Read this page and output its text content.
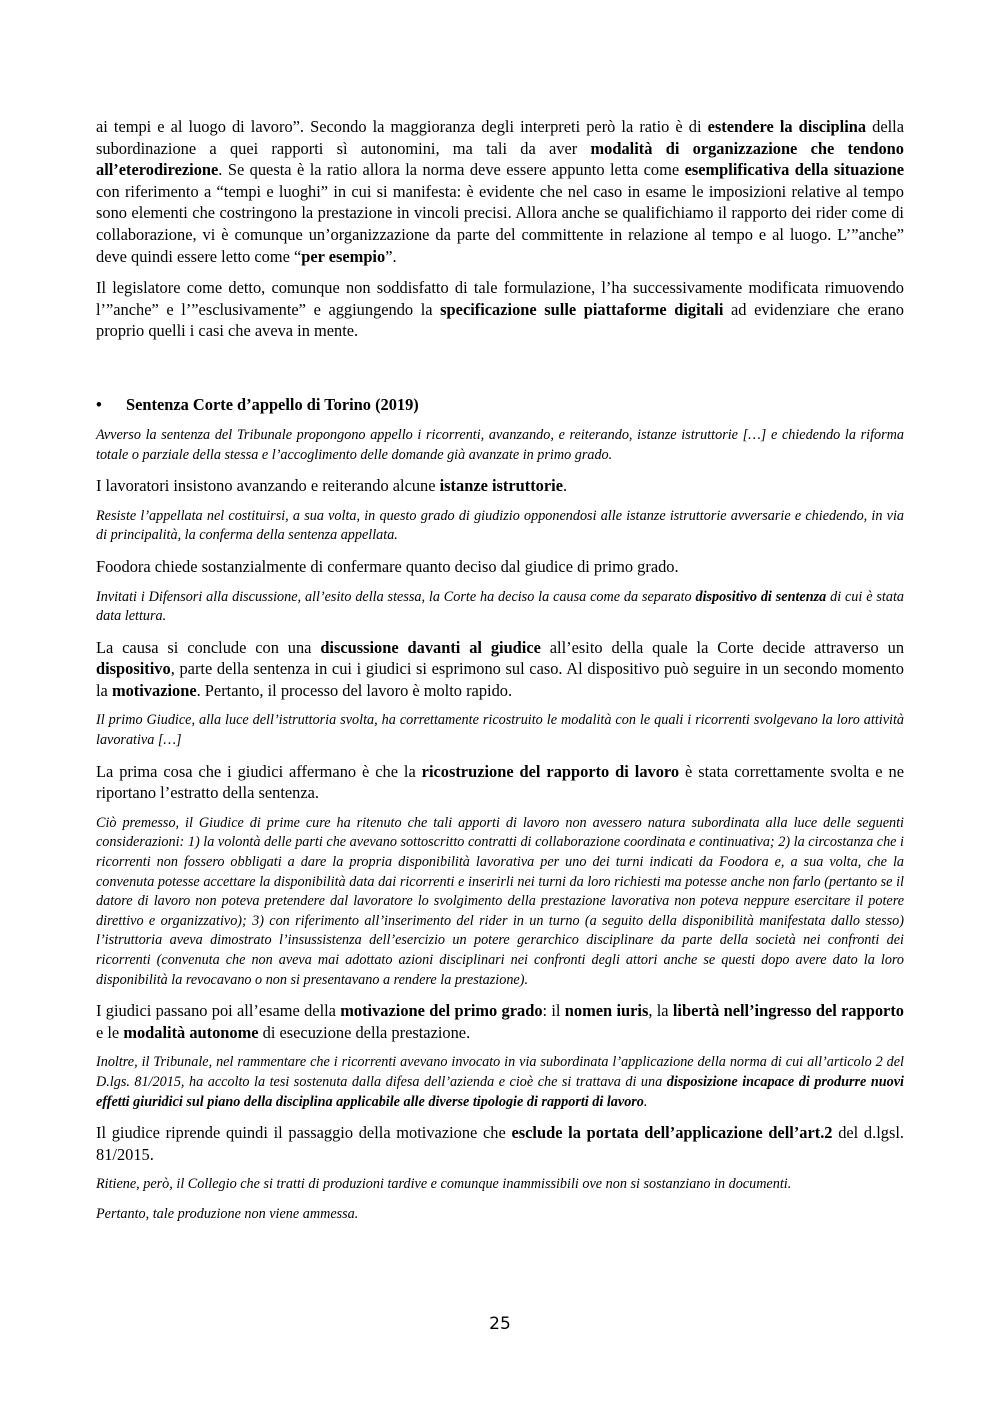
ai tempi e al luogo di lavoro”. Secondo la maggioranza degli interpreti però la ratio è di estendere la disciplina della subordinazione a quei rapporti sì autonomini, ma tali da aver modalità di organizzazione che tendono all’eterodirezione. Se questa è la ratio allora la norma deve essere appunto letta come esemplificativa della situazione con riferimento a “tempi e luoghi” in cui si manifesta: è evidente che nel caso in esame le imposizioni relative al tempo sono elementi che costringono la prestazione in vincoli precisi. Allora anche se qualifichiamo il rapporto dei rider come di collaborazione, vi è comunque un’organizzazione da parte del committente in relazione al tempo e al luogo. L’”anche” deve quindi essere letto come “per esempio”.

Il legislatore come detto, comunque non soddisfatto di tale formulazione, l’ha successivamente modificata rimuovendo l’”anche” e l’”esclusivamente” e aggiungendo la specificazione sulle piattaforme digitali ad evidenziare che erano proprio quelli i casi che aveva in mente.

•	Sentenza Corte d’appello di Torino (2019)

Avverso la sentenza del Tribunale propongono appello i ricorrenti, avanzando, e reiterando, istanze istruttorie […] e chiedendo la riforma totale o parziale della stessa e l’accoglimento delle domande già avanzate in primo grado.

I lavoratori insistono avanzando e reiterando alcune istanze istruttorie.

Resiste l’appellata nel costituirsi, a sua volta, in questo grado di giudizio opponendosi alle istanze istruttorie avversarie e chiedendo, in via di principalità, la conferma della sentenza appellata.

Foodora chiede sostanzialmente di confermare quanto deciso dal giudice di primo grado.

Invitati i Difensori alla discussione, all’esito della stessa, la Corte ha deciso la causa come da separato dispositivo di sentenza di cui è stata data lettura.

La causa si conclude con una discussione davanti al giudice all’esito della quale la Corte decide attraverso un dispositivo, parte della sentenza in cui i giudici si esprimono sul caso. Al dispositivo può seguire in un secondo momento la motivazione. Pertanto, il processo del lavoro è molto rapido.

Il primo Giudice, alla luce dell’istruttoria svolta, ha correttamente ricostruito le modalità con le quali i ricorrenti svolgevano la loro attività lavorativa […]

La prima cosa che i giudici affermano è che la ricostruzione del rapporto di lavoro è stata correttamente svolta e ne riportano l’estratto della sentenza.

Ciò premesso, il Giudice di prime cure ha ritenuto che tali apporti di lavoro non avessero natura subordinata alla luce delle seguenti considerazioni: 1) la volontà delle parti che avevano sottoscritto contratti di collaborazione coordinata e continuativa; 2) la circostanza che i ricorrenti non fossero obbligati a dare la propria disponibilità lavorativa per uno dei turni indicati da Foodora e, a sua volta, che la convenuta potesse accettare la disponibilità data dai ricorrenti e inserirli nei turni da loro richiesti ma potesse anche non farlo (pertanto se il datore di lavoro non poteva pretendere dal lavoratore lo svolgimento della prestazione lavorativa non poteva neppure esercitare il potere direttivo e organizzativo); 3) con riferimento all’inserimento del rider in un turno (a seguito della disponibilità manifestata dallo stesso) l’istruttoria aveva dimostrato l’insussistenza dell’esercizio un potere gerarchico disciplinare da parte della società nei confronti dei ricorrenti (convenuta che non aveva mai adottato azioni disciplinari nei confronti degli attori anche se questi dopo avere dato la loro disponibilità la revocavano o non si presentavano a rendere la prestazione).

I giudici passano poi all’esame della motivazione del primo grado: il nomen iuris, la libertà nell’ingresso del rapporto e le modalità autonome di esecuzione della prestazione.

Inoltre, il Tribunale, nel rammentare che i ricorrenti avevano invocato in via subordinata l’applicazione della norma di cui all’articolo 2 del D.lgs. 81/2015, ha accolto la tesi sostenuta dalla difesa dell’azienda e cioè che si trattava di una disposizione incapace di produrre nuovi effetti giuridici sul piano della disciplina applicabile alle diverse tipologie di rapporti di lavoro.

Il giudice riprende quindi il passaggio della motivazione che esclude la portata dell’applicazione dell’art.2 del d.lgsl. 81/2015.

Ritiene, però, il Collegio che si tratti di produzioni tardive e comunque inammissibili ove non si sostanziano in documenti.

Pertanto, tale produzione non viene ammessa.

25
